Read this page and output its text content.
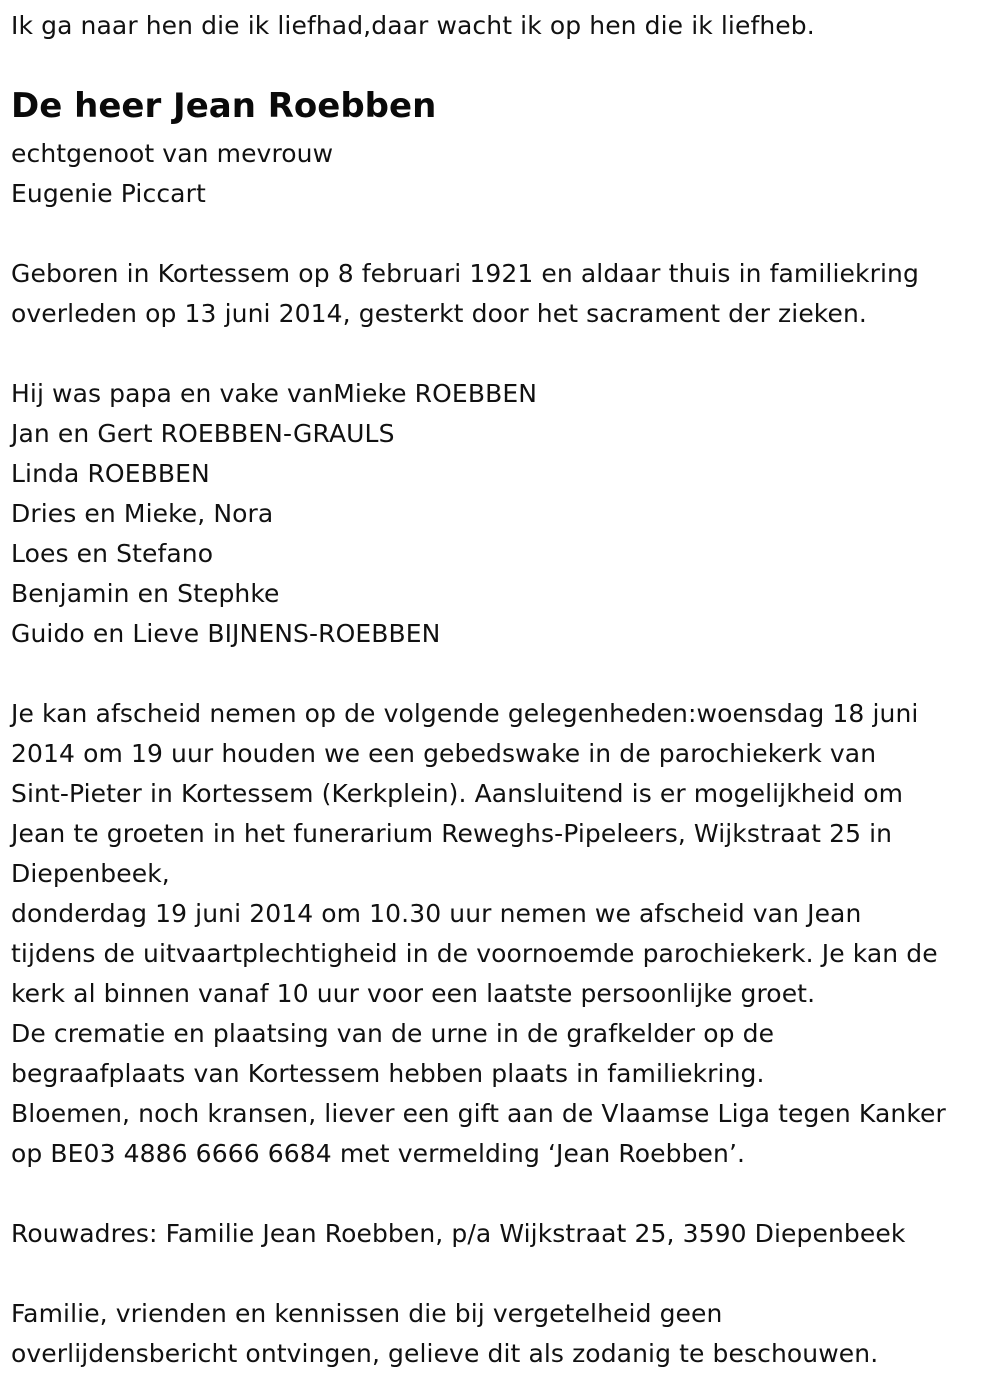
Ik ga naar hen die ik liefhad,daar wacht ik op hen die ik liefheb.
De heer Jean Roebben
echtgenoot van mevrouw
Eugenie Piccart
Geboren in Kortessem op 8 februari 1921 en aldaar thuis in familiekring
overleden op 13 juni 2014, gesterkt door het sacrament der zieken.
Hij was papa en vake vanMieke ROEBBEN
Jan en Gert ROEBBEN-GRAULS
Linda ROEBBEN
Dries en Mieke, Nora
Loes en Stefano
Benjamin en Stephke
Guido en Lieve BIJNENS-ROEBBEN
Je kan afscheid nemen op de volgende gelegenheden:woensdag 18 juni
2014 om 19 uur houden we een gebedswake in de parochiekerk van
Sint-Pieter in Kortessem (Kerkplein). Aansluitend is er mogelijkheid om
Jean te groeten in het funerarium Reweghs-Pipeleers, Wijkstraat 25 in
Diepenbeek,
donderdag 19 juni 2014 om 10.30 uur nemen we afscheid van Jean
tijdens de uitvaartplechtigheid in de voornoemde parochiekerk. Je kan de
kerk al binnen vanaf 10 uur voor een laatste persoonlijke groet.
De crematie en plaatsing van de urne in de grafkelder op de
begraafplaats van Kortessem hebben plaats in familiekring.
Bloemen, noch kransen, liever een gift aan de Vlaamse Liga tegen Kanker
op BE03 4886 6666 6684 met vermelding ‘Jean Roebben’.
Rouwadres: Familie Jean Roebben, p/a Wijkstraat 25, 3590 Diepenbeek
Familie, vrienden en kennissen die bij vergetelheid geen
overlijdensbericht ontvingen, gelieve dit als zodanig te beschouwen.
